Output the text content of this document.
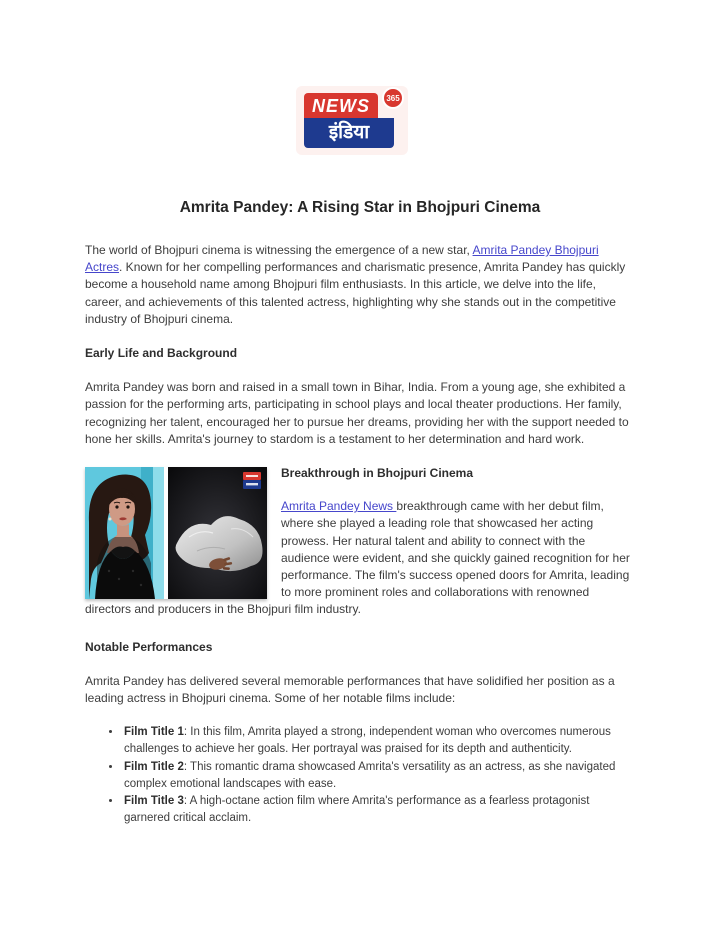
NEWS	365
इंडिया
Amrita Pandey: A Rising Star in Bhojpuri Cinema

The world of Bhojpuri cinema is witnessing the emergence of a new star, Amrita Pandey Bhojpuri Actres. Known for her compelling performances and charismatic presence, Amrita Pandey has quickly become a household name among Bhojpuri film enthusiasts. In this article, we delve into the life, career, and achievements of this talented actress, highlighting why she stands out in the competitive industry of Bhojpuri cinema.

Early Life and Background

Amrita Pandey was born and raised in a small town in Bihar, India. From a young age, she exhibited a passion for the performing arts, participating in school plays and local theater productions. Her family, recognizing her talent, encouraged her to pursue her dreams, providing her with the support needed to hone her skills. Amrita's journey to stardom is a testament to her determination and hard work.

Breakthrough in Bhojpuri Cinema

Amrita Pandey News breakthrough came with her debut film, where she played a leading role that showcased her acting prowess. Her natural talent and ability to connect with the audience were evident, and she quickly gained recognition for her performance. The film's success opened doors for Amrita, leading to more prominent roles and collaborations with renowned directors and producers in the Bhojpuri film industry.

Notable Performances

Amrita Pandey has delivered several memorable performances that have solidified her position as a leading actress in Bhojpuri cinema. Some of her notable films include:

• Film Title 1: In this film, Amrita played a strong, independent woman who overcomes numerous challenges to achieve her goals. Her portrayal was praised for its depth and authenticity.
• Film Title 2: This romantic drama showcased Amrita's versatility as an actress, as she navigated complex emotional landscapes with ease.
• Film Title 3: A high-octane action film where Amrita's performance as a fearless protagonist garnered critical acclaim.
